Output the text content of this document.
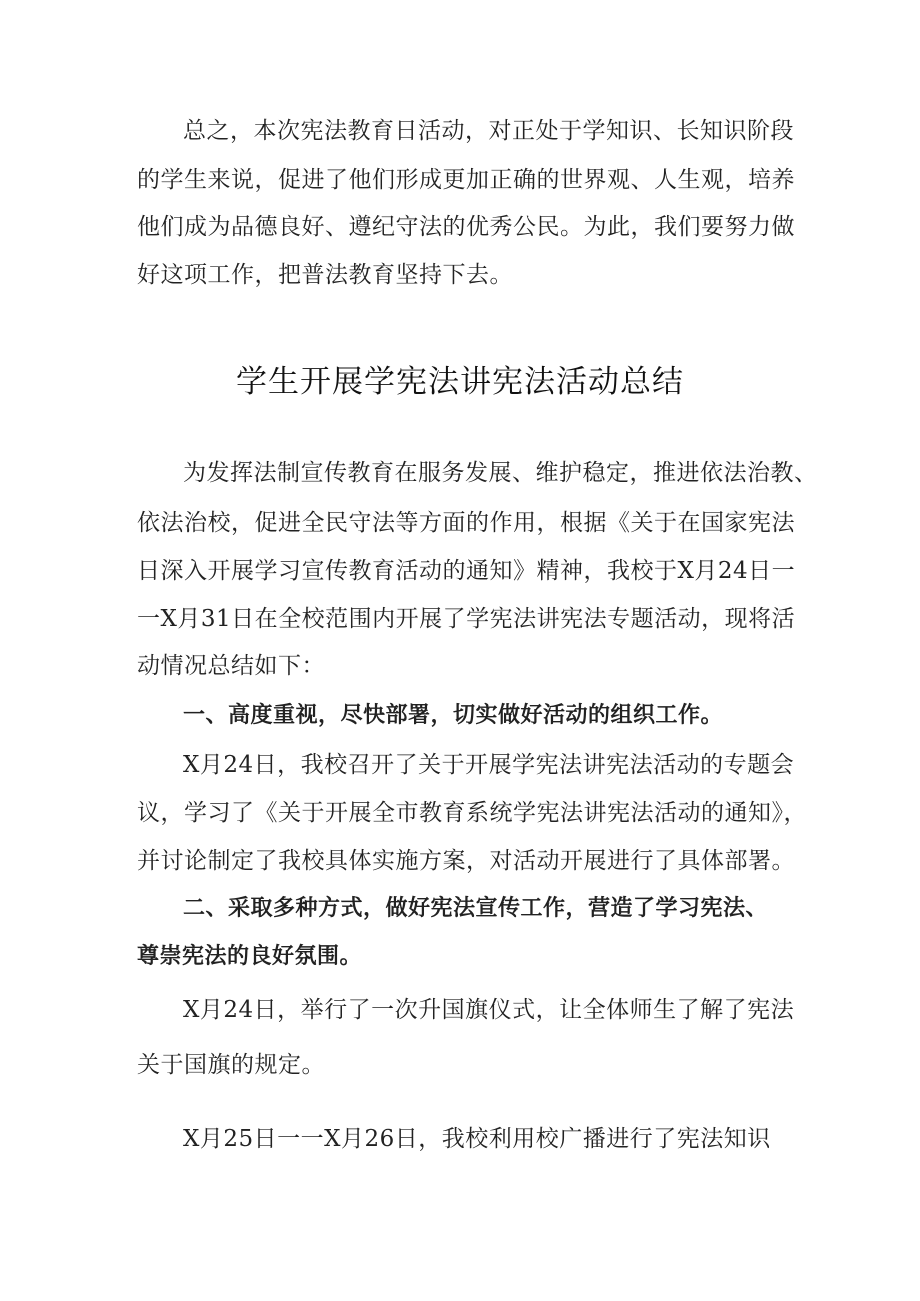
总之，本次宪法教育日活动，对正处于学知识、长知识阶段
的学生来说，促进了他们形成更加正确的世界观、人生观，培养
他们成为品德良好、遵纪守法的优秀公民。为此，我们要努力做
好这项工作，把普法教育坚持下去。
学生开展学宪法讲宪法活动总结
为发挥法制宣传教育在服务发展、维护稳定，推进依法治教、
依法治校，促进全民守法等方面的作用，根据《关于在国家宪法
日深入开展学习宣传教育活动的通知》精神，我校于X月24日一
一X月31日在全校范围内开展了学宪法讲宪法专题活动，现将活
动情况总结如下：
一、高度重视，尽快部署，切实做好活动的组织工作。
X月24日，我校召开了关于开展学宪法讲宪法活动的专题会
议，学习了《关于开展全市教育系统学宪法讲宪法活动的通知》，
并讨论制定了我校具体实施方案，对活动开展进行了具体部署。
二、采取多种方式，做好宪法宣传工作，营造了学习宪法、
尊崇宪法的良好氛围。
X月24日，举行了一次升国旗仪式，让全体师生了解了宪法
关于国旗的规定。
X月25日一一X月26日，我校利用校广播进行了宪法知识
